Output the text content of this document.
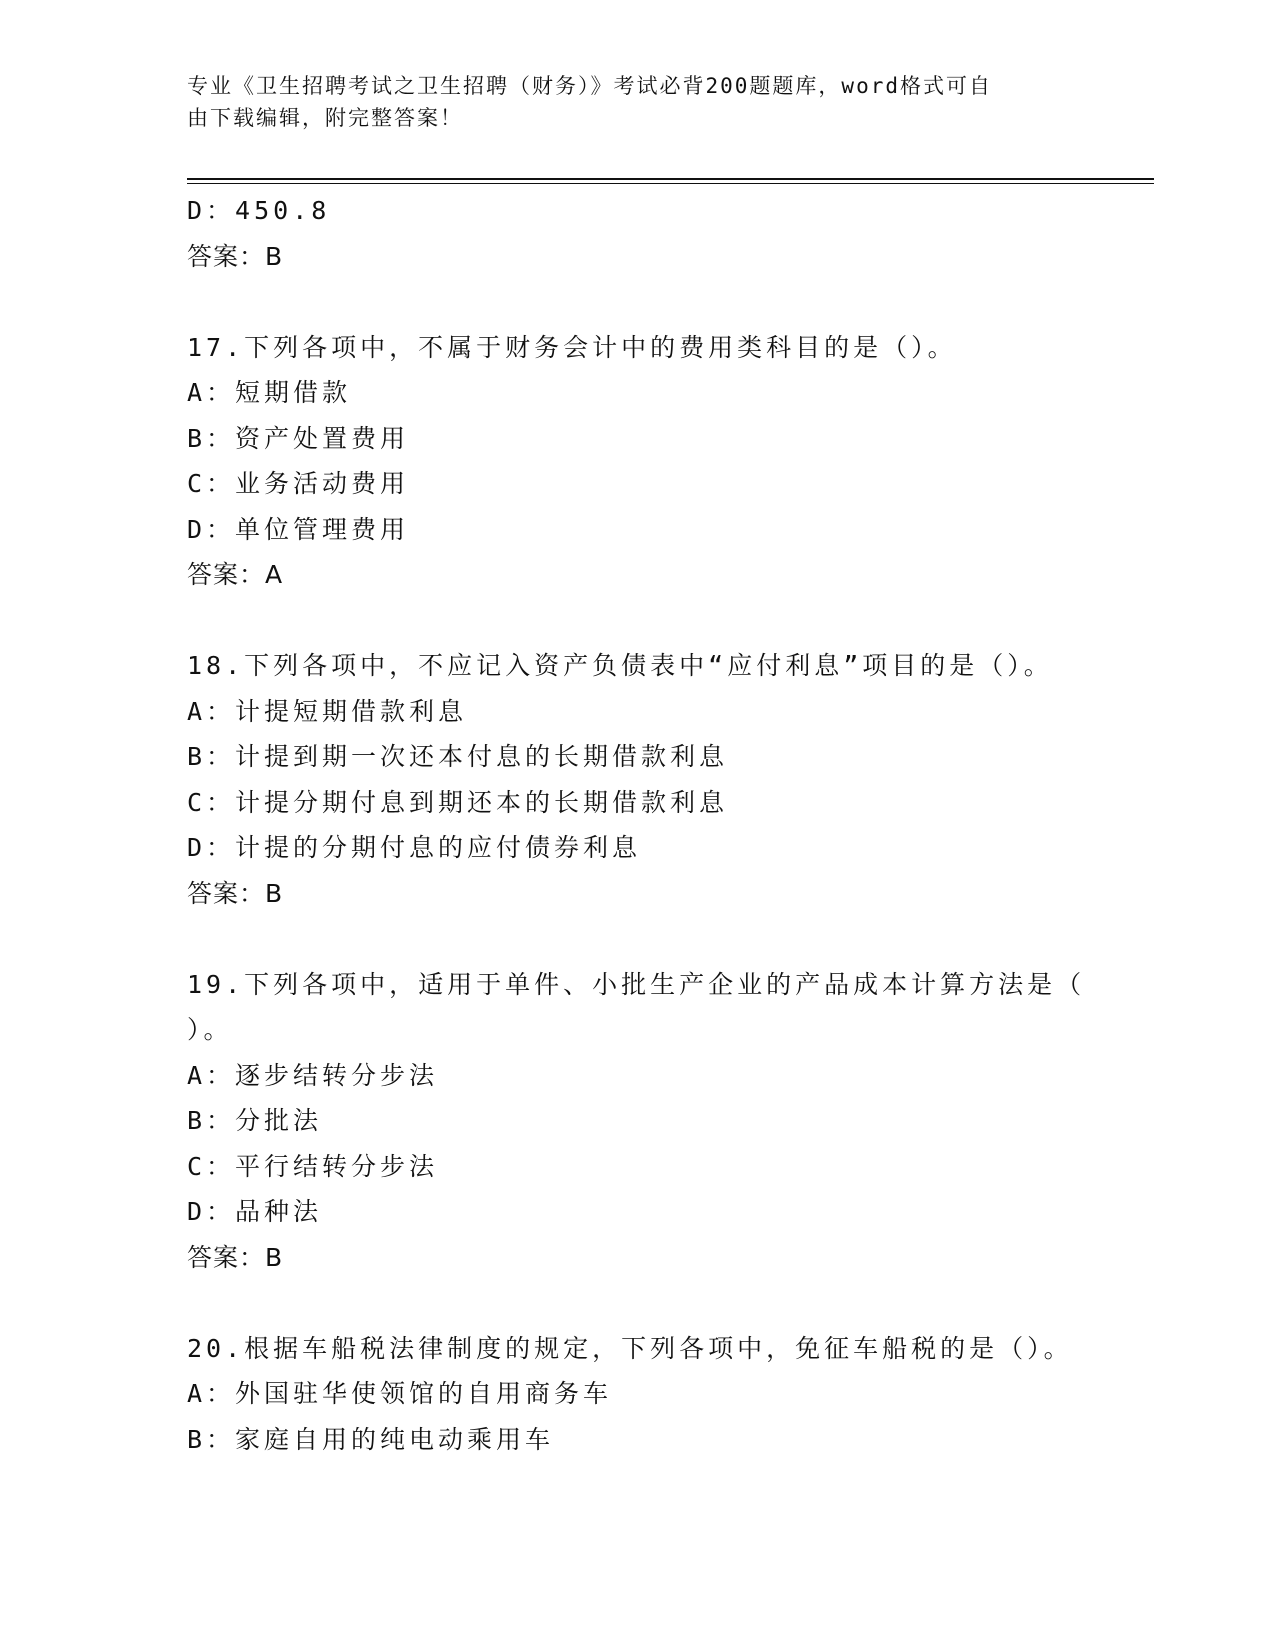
专业《卫生招聘考试之卫生招聘（财务）》考试必背200题题库，word格式可自
由下载编辑，附完整答案！
D：450.8
答案：B
17.下列各项中，不属于财务会计中的费用类科目的是（）。
A：短期借款
B：资产处置费用
C：业务活动费用
D：单位管理费用
答案：A
18.下列各项中，不应记入资产负债表中“应付利息”项目的是（）。
A：计提短期借款利息
B：计提到期一次还本付息的长期借款利息
C：计提分期付息到期还本的长期借款利息
D：计提的分期付息的应付债券利息
答案：B
19.下列各项中，适用于单件、小批生产企业的产品成本计算方法是（
）。
A：逐步结转分步法
B：分批法
C：平行结转分步法
D：品种法
答案：B
20.根据车船税法律制度的规定，下列各项中，免征车船税的是（）。
A：外国驻华使领馆的自用商务车
B：家庭自用的纯电动乘用车
